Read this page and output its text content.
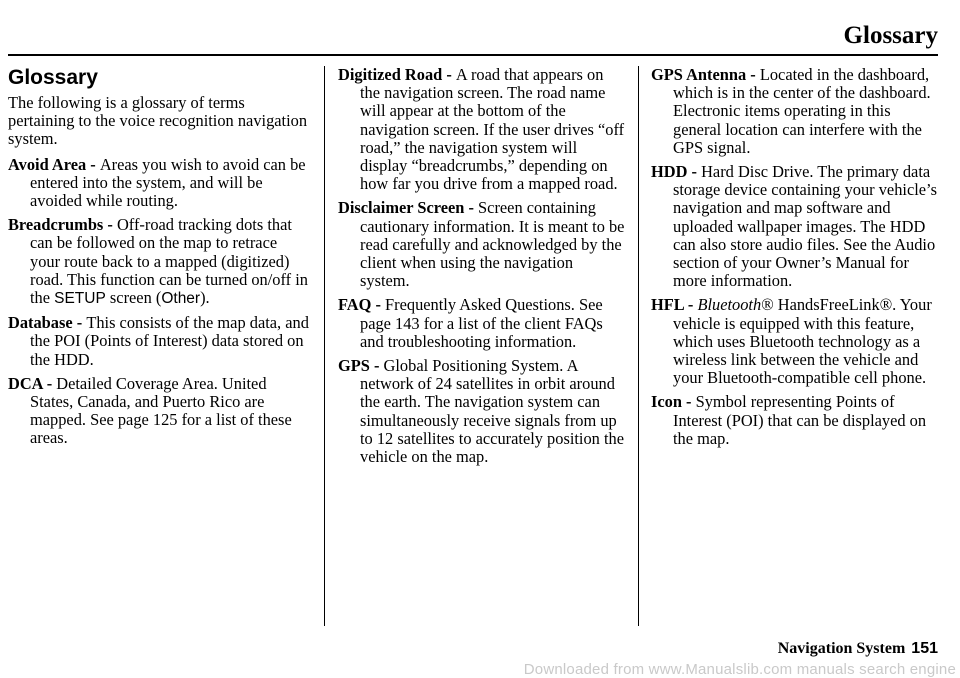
Glossary
Glossary

The following is a glossary of terms pertaining to the voice recognition navigation system.

Avoid Area - Areas you wish to avoid can be entered into the system, and will be avoided while routing.

Breadcrumbs - Off-road tracking dots that can be followed on the map to retrace your route back to a mapped (digitized) road. This function can be turned on/off in the SETUP screen (Other).

Database - This consists of the map data, and the POI (Points of Interest) data stored on the HDD.

DCA - Detailed Coverage Area. United States, Canada, and Puerto Rico are mapped. See page 125 for a list of these areas.

Digitized Road - A road that appears on the navigation screen. The road name will appear at the bottom of the navigation screen. If the user drives “off road,” the navigation system will display “breadcrumbs,” depending on how far you drive from a mapped road.

Disclaimer Screen - Screen containing cautionary information. It is meant to be read carefully and acknowledged by the client when using the navigation system.

FAQ - Frequently Asked Questions. See page 143 for a list of the client FAQs and troubleshooting information.

GPS - Global Positioning System. A network of 24 satellites in orbit around the earth. The navigation system can simultaneously receive signals from up to 12 satellites to accurately position the vehicle on the map.

GPS Antenna - Located in the dashboard, which is in the center of the dashboard. Electronic items operating in this general location can interfere with the GPS signal.

HDD - Hard Disc Drive. The primary data storage device containing your vehicle’s navigation and map software and uploaded wallpaper images. The HDD can also store audio files. See the Audio section of your Owner’s Manual for more information.

HFL - Bluetooth® HandsFreeLink®. Your vehicle is equipped with this feature, which uses Bluetooth technology as a wireless link between the vehicle and your Bluetooth-compatible cell phone.

Icon - Symbol representing Points of Interest (POI) that can be displayed on the map.

Navigation System 151
Downloaded from www.Manualslib.com manuals search engine
